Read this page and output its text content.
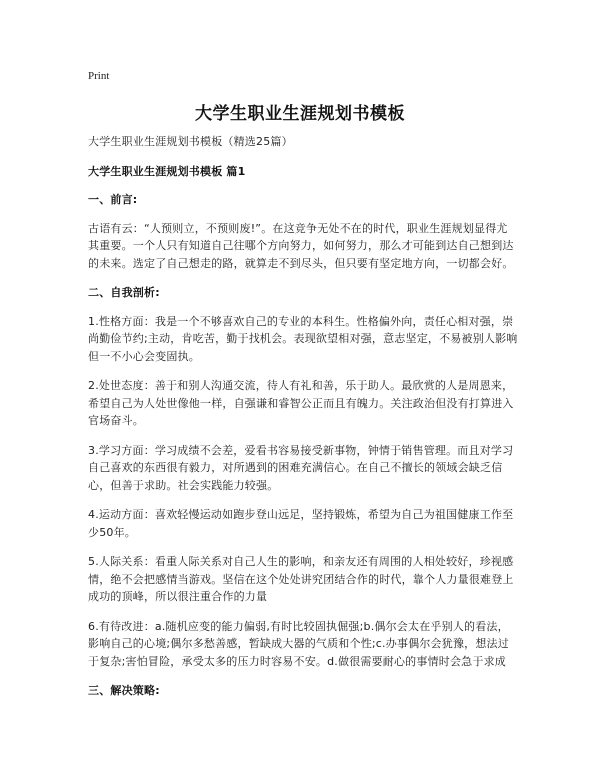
Print
大学生职业生涯规划书模板

大学生职业生涯规划书模板（精选25篇）

大学生职业生涯规划书模板 篇1

一、前言:

古语有云：“人预则立，不预则废!”。在这竞争无处不在的时代，职业生涯规划显得尤其重要。一个人只有知道自己往哪个方向努力，如何努力，那么才可能到达自己想到达的未来。选定了自己想走的路，就算走不到尽头，但只要有坚定地方向，一切都会好。

二、自我剖析:

1.性格方面：我是一个不够喜欢自己的专业的本科生。性格偏外向，责任心相对强，崇尚勤俭节约;主动，肯吃苦，勤于找机会。表现欲望相对强，意志坚定，不易被别人影响但一不小心会变固执。

2.处世态度：善于和别人沟通交流，待人有礼和善，乐于助人。最欣赏的人是周恩来，希望自己为人处世像他一样，自强谦和睿智公正而且有魄力。关注政治但没有打算进入官场奋斗。

3.学习方面：学习成绩不会差，爱看书容易接受新事物，钟情于销售管理。而且对学习自己喜欢的东西很有毅力，对所遇到的困难充满信心。在自己不擅长的领域会缺乏信心，但善于求助。社会实践能力较强。

4.运动方面：喜欢轻慢运动如跑步登山远足，坚持锻炼，希望为自己为祖国健康工作至少50年。

5.人际关系：看重人际关系对自己人生的影响，和亲友还有周围的人相处较好，珍视感情，绝不会把感情当游戏。坚信在这个处处讲究团结合作的时代，靠个人力量很难登上成功的顶峰，所以很注重合作的力量

6.有待改进：a.随机应变的能力偏弱,有时比较固执倔强;b.偶尔会太在乎别人的看法，影响自己的心境;偶尔多愁善感，暂缺成大器的气质和个性;c.办事偶尔会犹豫，想法过于复杂;害怕冒险，承受太多的压力时容易不安。d.做很需要耐心的事情时会急于求成

三、解决策略:
